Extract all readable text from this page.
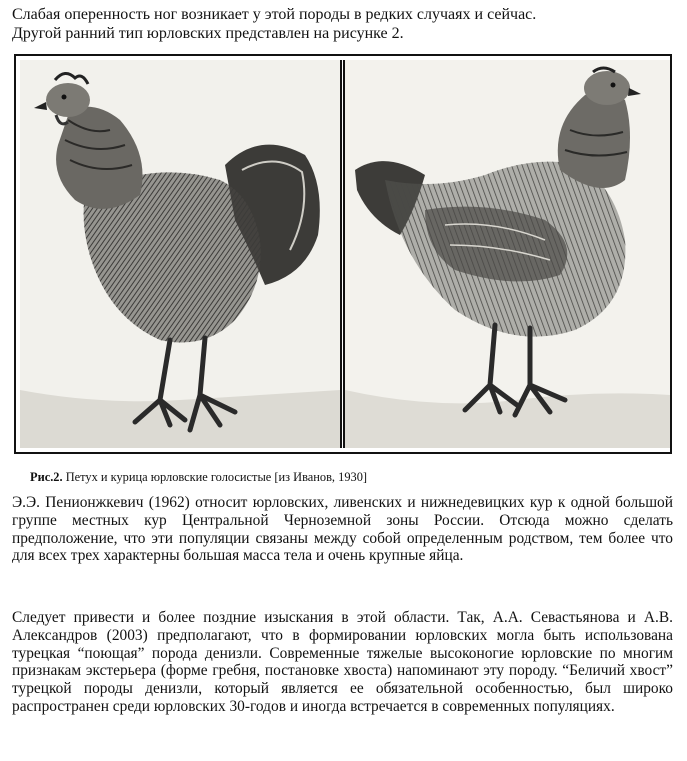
Слабая оперенность ног возникает у этой породы в редких случаях и сейчас.
Другой ранний тип юрловских представлен на рисунке 2.

Рис.2. Петух и курица юрловские голосистые [из Иванов, 1930]

Э.Э. Пенионжкевич (1962) относит юрловских, ливенских и нижнедевицких кур к одной большой группе местных кур Центральной Черноземной зоны России. Отсюда можно сделать предположение, что эти популяции связаны между собой определенным родством, тем более что для всех трех характерны большая масса тела и очень крупные яйца.

Следует привести и более поздние изыскания в этой области. Так, А.А. Севастьянова и А.В. Александров (2003) предполагают, что в формировании юрловских могла быть использована турецкая “поющая” порода денизли. Современные тяжелые высоконогие юрловские по многим признакам экстерьера (форме гребня, постановке хвоста) напоминают эту породу. “Беличий хвост” турецкой породы денизли, который является ее обязательной особенностью, был широко распространен среди юрловских 30-годов и иногда встречается в современных популяциях.
